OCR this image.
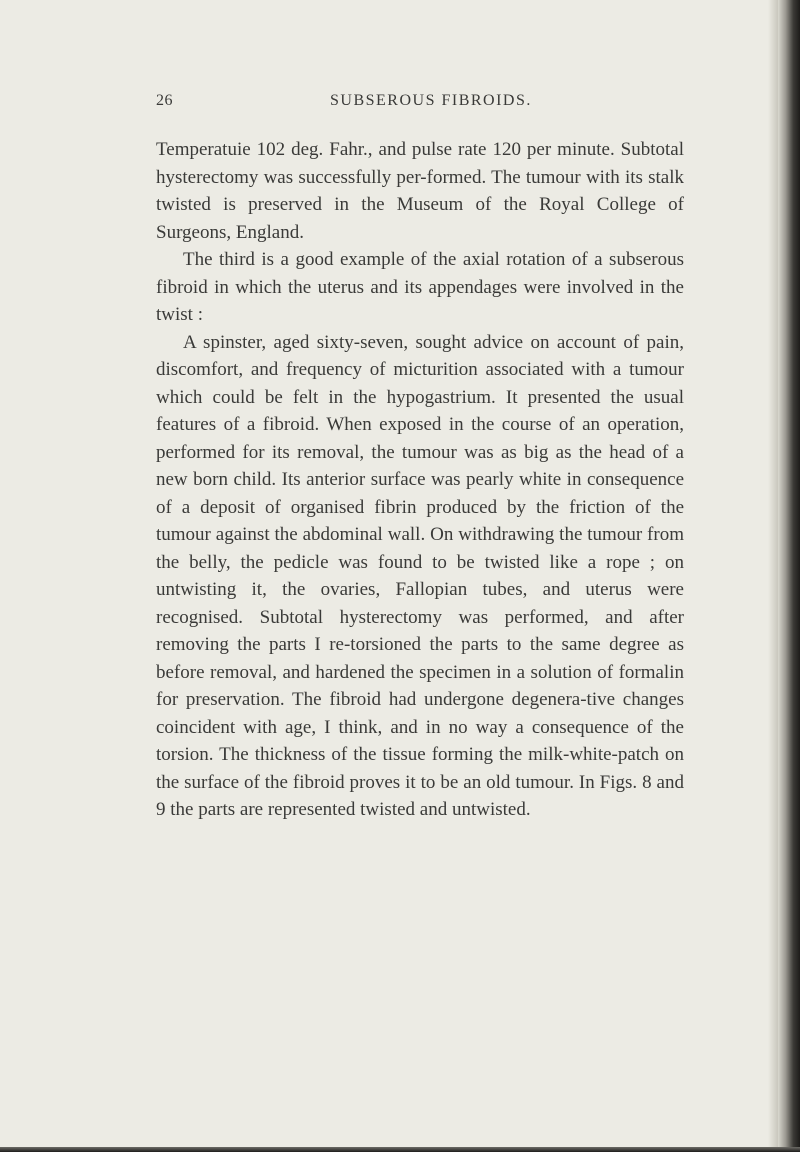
26	SUBSEROUS FIBROIDS.

Temperatuie 102 deg. Fahr., and pulse rate 120 per minute. Subtotal hysterectomy was successfully per-formed. The tumour with its stalk twisted is preserved in the Museum of the Royal College of Surgeons, England.

The third is a good example of the axial rotation of a subserous fibroid in which the uterus and its appendages were involved in the twist :

A spinster, aged sixty-seven, sought advice on account of pain, discomfort, and frequency of micturition associated with a tumour which could be felt in the hypogastrium. It presented the usual features of a fibroid. When exposed in the course of an operation, performed for its removal, the tumour was as big as the head of a new born child. Its anterior surface was pearly white in consequence of a deposit of organised fibrin produced by the friction of the tumour against the abdominal wall. On withdrawing the tumour from the belly, the pedicle was found to be twisted like a rope ; on untwisting it, the ovaries, Fallopian tubes, and uterus were recognised. Subtotal hysterectomy was performed, and after removing the parts I re-torsioned the parts to the same degree as before removal, and hardened the specimen in a solution of formalin for preservation. The fibroid had undergone degenera-tive changes coincident with age, I think, and in no way a consequence of the torsion. The thickness of the tissue forming the milk-white-patch on the surface of the fibroid proves it to be an old tumour. In Figs. 8 and 9 the parts are represented twisted and untwisted.
